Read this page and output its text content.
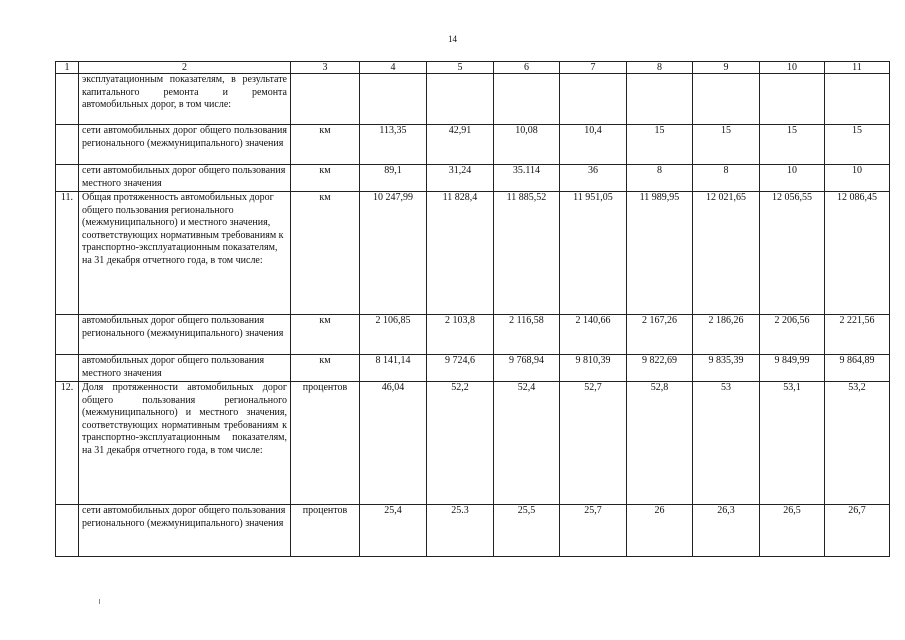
14
1	2	3	4	5	6	7	8	9	10	11
	эксплуатационным показателям, в результате капитального ремонта и ремонта автомобильных дорог, в том числе:									
	сети автомобильных дорог общего пользования регионального (межмуниципального) значения	км	113,35	42,91	10,08	10,4	15	15	15	15
	сети автомобильных дорог общего пользования местного значения	км	89,1	31,24	35.114	36	8	8	10	10
11.	Общая протяженность автомобильных дорог общего пользования регионального (межмуниципального) и местного значения, соответствующих нормативным требованиям к транспортно-эксплуатационным показателям, на 31 декабря отчетного года, в том числе:	км	10 247,99	11 828,4	11 885,52	11 951,05	11 989,95	12 021,65	12 056,55	12 086,45
	автомобильных дорог общего пользования регионального (межмуниципального) значения	км	2 106,85	2 103,8	2 116,58	2 140,66	2 167,26	2 186,26	2 206,56	2 221,56
	автомобильных дорог общего пользования местного значения	км	8 141,14	9 724,6	9 768,94	9 810,39	9 822,69	9 835,39	9 849,99	9 864,89
12.	Доля протяженности автомобильных дорог общего пользования регионального (межмуниципального) и местного значения, соответствующих нормативным требованиям к транспортно-эксплуатационным показателям, на 31 декабря отчетного года, в том числе:	процентов	46,04	52,2	52,4	52,7	52,8	53	53,1	53,2
	сети автомобильных дорог общего пользования регионального (межмуниципального) значения	процентов	25,4	25.3	25,5	25,7	26	26,3	26,5	26,7
